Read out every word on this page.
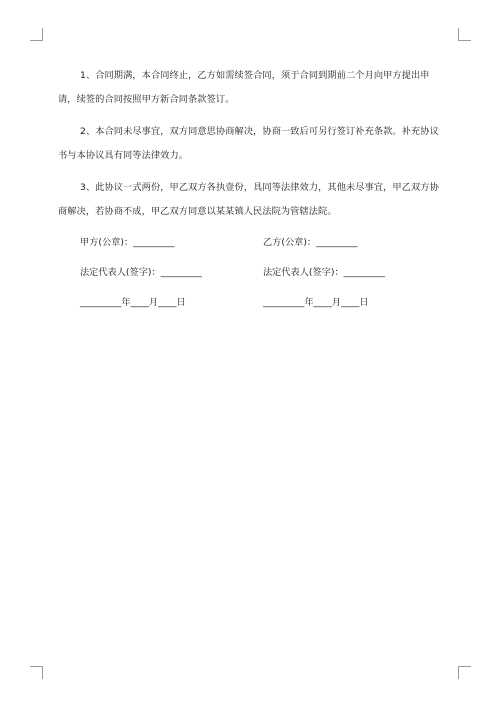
1、合同期满，本合同终止，乙方如需续签合同，须于合同到期前二个月向甲方提出申请，续签的合同按照甲方新合同条款签订。

2、本合同未尽事宜，双方同意思协商解决，协商一致后可另行签订补充条款。补充协议书与本协议具有同等法律效力。

3、此协议一式两份，甲乙双方各执壹份，具同等法律效力，其他未尽事宜，甲乙双方协商解决，若协商不成，甲乙双方同意以某某镇人民法院为管辖法院。

甲方(公章)：_________	乙方(公章)：_________
法定代表人(签字)：_________	法定代表人(签字)：_________
_________年____月____日	_________年____月____日
